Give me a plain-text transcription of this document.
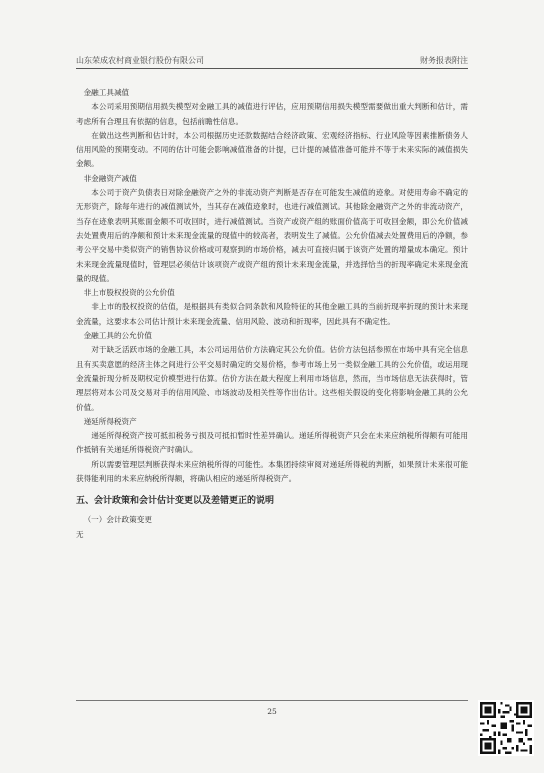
山东荣成农村商业银行股份有限公司	财务报表附注
金融工具减值

本公司采用预期信用损失模型对金融工具的减值进行评估，应用预期信用损失模型需要做出重大判断和估计，需考虑所有合理且有依据的信息，包括前瞻性信息。

在做出这些判断和估计时，本公司根据历史还款数据结合经济政策、宏观经济指标、行业风险等因素推断债务人信用风险的预期变动。不同的估计可能会影响减值准备的计提，已计提的减值准备可能并不等于未来实际的减值损失金额。

非金融资产减值

本公司于资产负债表日对除金融资产之外的非流动资产判断是否存在可能发生减值的迹象。对使用寿命不确定的无形资产，除每年进行的减值测试外，当其存在减值迹象时，也进行减值测试。其他除金融资产之外的非流动资产，当存在迹象表明其账面金额不可收回时，进行减值测试。当资产或资产组的账面价值高于可收回金额，即公允价值减去处置费用后的净额和预计未来现金流量的现值中的较高者，表明发生了减值。公允价值减去处置费用后的净额，参考公平交易中类似资产的销售协议价格或可观察到的市场价格，减去可直接归属于该资产处置的增量成本确定。预计未来现金流量现值时，管理层必须估计该项资产或资产组的预计未来现金流量，并选择恰当的折现率确定未来现金流量的现值。

非上市股权投资的公允价值

非上市的股权投资的估值，是根据具有类似合同条款和风险特征的其他金融工具的当前折现率折现的预计未来现金流量，这要求本公司估计预计未来现金流量、信用风险、波动和折现率，因此具有不确定性。

金融工具的公允价值

对于缺乏活跃市场的金融工具，本公司运用估价方法确定其公允价值。估价方法包括参照在市场中具有完全信息且有买卖意愿的经济主体之间进行公平交易时确定的交易价格，参考市场上另一类似金融工具的公允价值，或运用现金流量折现分析及期权定价模型进行估算。估价方法在最大程度上利用市场信息，然而，当市场信息无法获得时，管理层将对本公司及交易对手的信用风险、市场波动及相关性等作出估计。这些相关假设的变化将影响金融工具的公允价值。

递延所得税资产

递延所得税资产按可抵扣税务亏损及可抵扣暂时性差异确认。递延所得税资产只会在未来应纳税所得额有可能用作抵销有关递延所得税资产时确认。

所以需要管理层判断获得未来应纳税所得的可能性。本集团持续审阅对递延所得税的判断，如果预计未来很可能获得能利用的未来应纳税所得额，将确认相应的递延所得税资产。

五、会计政策和会计估计变更以及差错更正的说明
（一）会计政策变更
无
25
